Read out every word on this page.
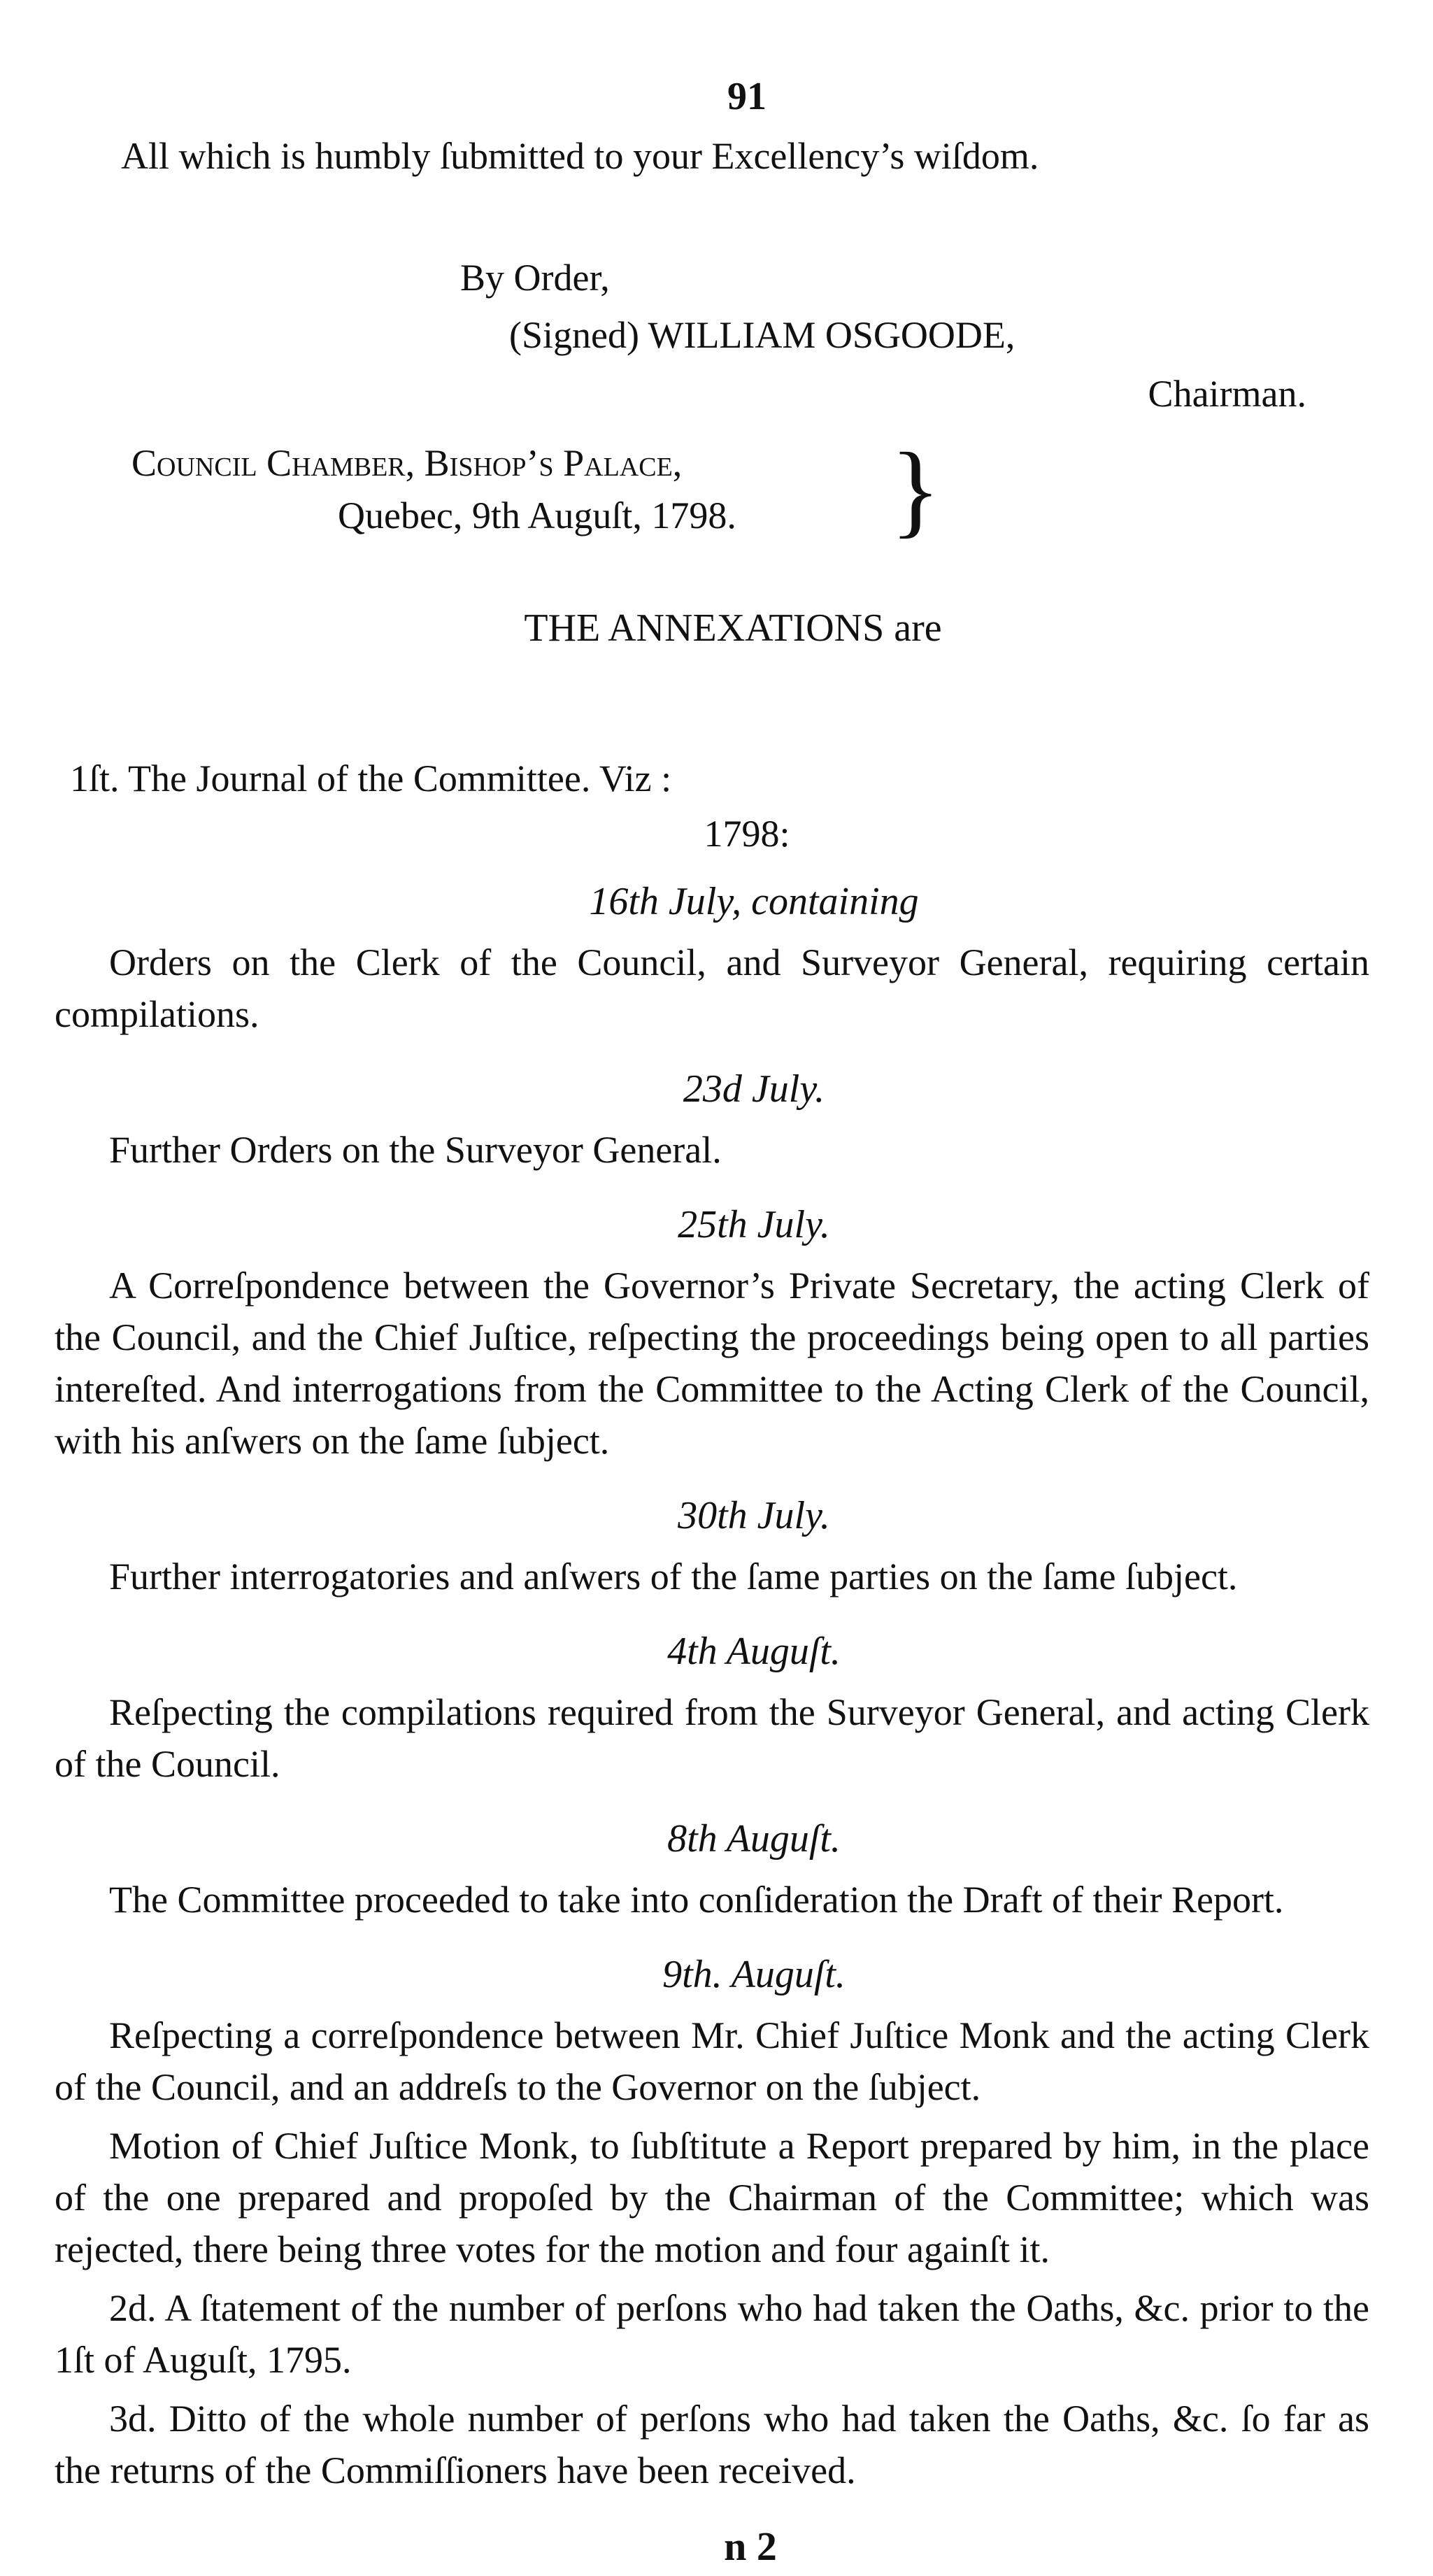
91
All which is humbly ſubmitted to your Excellency’s wiſdom.
By Order,
(Signed) WILLIAM OSGOODE,
Chairman.
Council Chamber, Biſhop’s Palace,
Quebec, 9th Auguſt, 1798. }
THE ANNEXATIONS are
1ſt. The Journal of the Committee. Viz :
1798:
16th July, containing
Orders on the Clerk of the Council, and Surveyor General, requiring certain compilations.
23d July.
Further Orders on the Surveyor General.
25th July.
A Correſpondence between the Governor’s Private Secretary, the acting Clerk of the Council, and the Chief Juſtice, reſpecting the proceedings being open to all parties intereſted. And interrogations from the Committee to the Acting Clerk of the Council, with his anſwers on the ſame ſubject.
30th July.
Further interrogatories and anſwers of the ſame parties on the ſame ſubject.
4th Auguſt.
Reſpecting the compilations required from the Surveyor General, and acting Clerk of the Council.
8th Auguſt.
The Committee proceeded to take into conſideration the Draft of their Report.
9th. Auguſt.
Reſpecting a correſpondence between Mr. Chief Juſtice Monk and the acting Clerk of the Council, and an addreſs to the Governor on the ſubject.
Motion of Chief Juſtice Monk, to ſubſtitute a Report prepared by him, in the place of the one prepared and propoſed by the Chairman of the Committee; which was rejected, there being three votes for the motion and four againſt it.
2d. A ſtatement of the number of perſons who had taken the Oaths, &c. prior to the 1ſt of Auguſt, 1795.
3d. Ditto of the whole number of perſons who had taken the Oaths, &c. ſo far as the returns of the Commiſſioners have been received.
n 2
